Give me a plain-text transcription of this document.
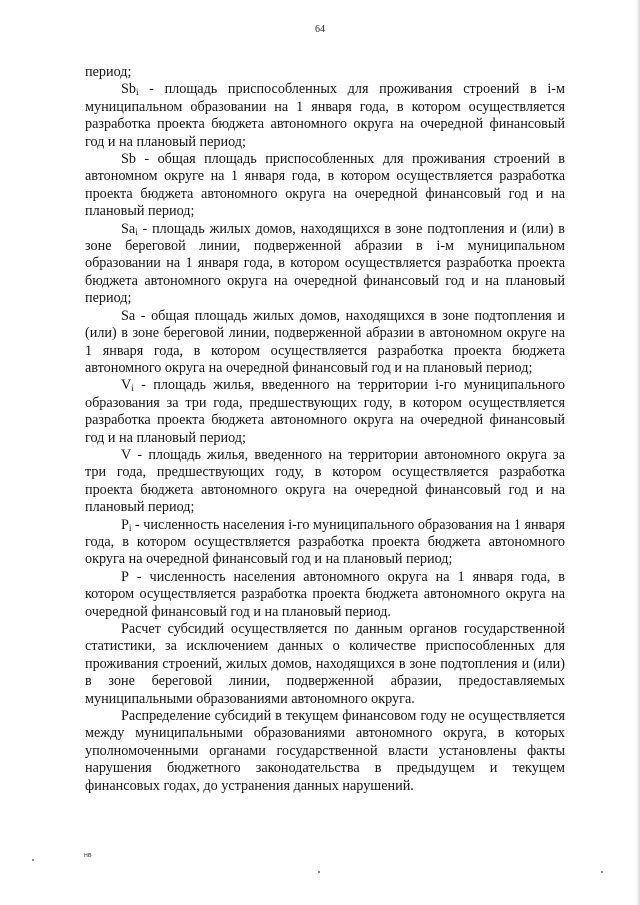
64

период;

$Sb_i$ - площадь приспособленных для проживания строений в i-м муниципальном образовании на 1 января года, в котором осуществляется разработка проекта бюджета автономного округа на очередной финансовый год и на плановый период;

Sb - общая площадь приспособленных для проживания строений в автономном округе на 1 января года, в котором осуществляется разработка проекта бюджета автономного округа на очередной финансовый год и на плановый период;

$Sa_i$ - площадь жилых домов, находящихся в зоне подтопления и (или) в зоне береговой линии, подверженной абразии в i-м муниципальном образовании на 1 января года, в котором осуществляется разработка проекта бюджета автономного округа на очередной финансовый год и на плановый период;

Sa - общая площадь жилых домов, находящихся в зоне подтопления и (или) в зоне береговой линии, подверженной абразии в автономном округе на 1 января года, в котором осуществляется разработка проекта бюджета автономного округа на очередной финансовый год и на плановый период;

$V_i$ - площадь жилья, введенного на территории i-го муниципального образования за три года, предшествующих году, в котором осуществляется разработка проекта бюджета автономного округа на очередной финансовый год и на плановый период;

V - площадь жилья, введенного на территории автономного округа за три года, предшествующих году, в котором осуществляется разработка проекта бюджета автономного округа на очередной финансовый год и на плановый период;

$P_i$ - численность населения i-го муниципального образования на 1 января года, в котором осуществляется разработка проекта бюджета автономного округа на очередной финансовый год и на плановый период;

P - численность населения автономного округа на 1 января года, в котором осуществляется разработка проекта бюджета автономного округа на очередной финансовый год и на плановый период.

Расчет субсидий осуществляется по данным органов государственной статистики, за исключением данных о количестве приспособленных для проживания строений, жилых домов, находящихся в зоне подтопления и (или) в зоне береговой линии, подверженной абразии, предоставляемых муниципальными образованиями автономного округа.

Распределение субсидий в текущем финансовом году не осуществляется между муниципальными образованиями автономного округа, в которых уполномоченными органами государственной власти установлены факты нарушения бюджетного законодательства в предыдущем и текущем финансовых годах, до устранения данных нарушений.

нв
